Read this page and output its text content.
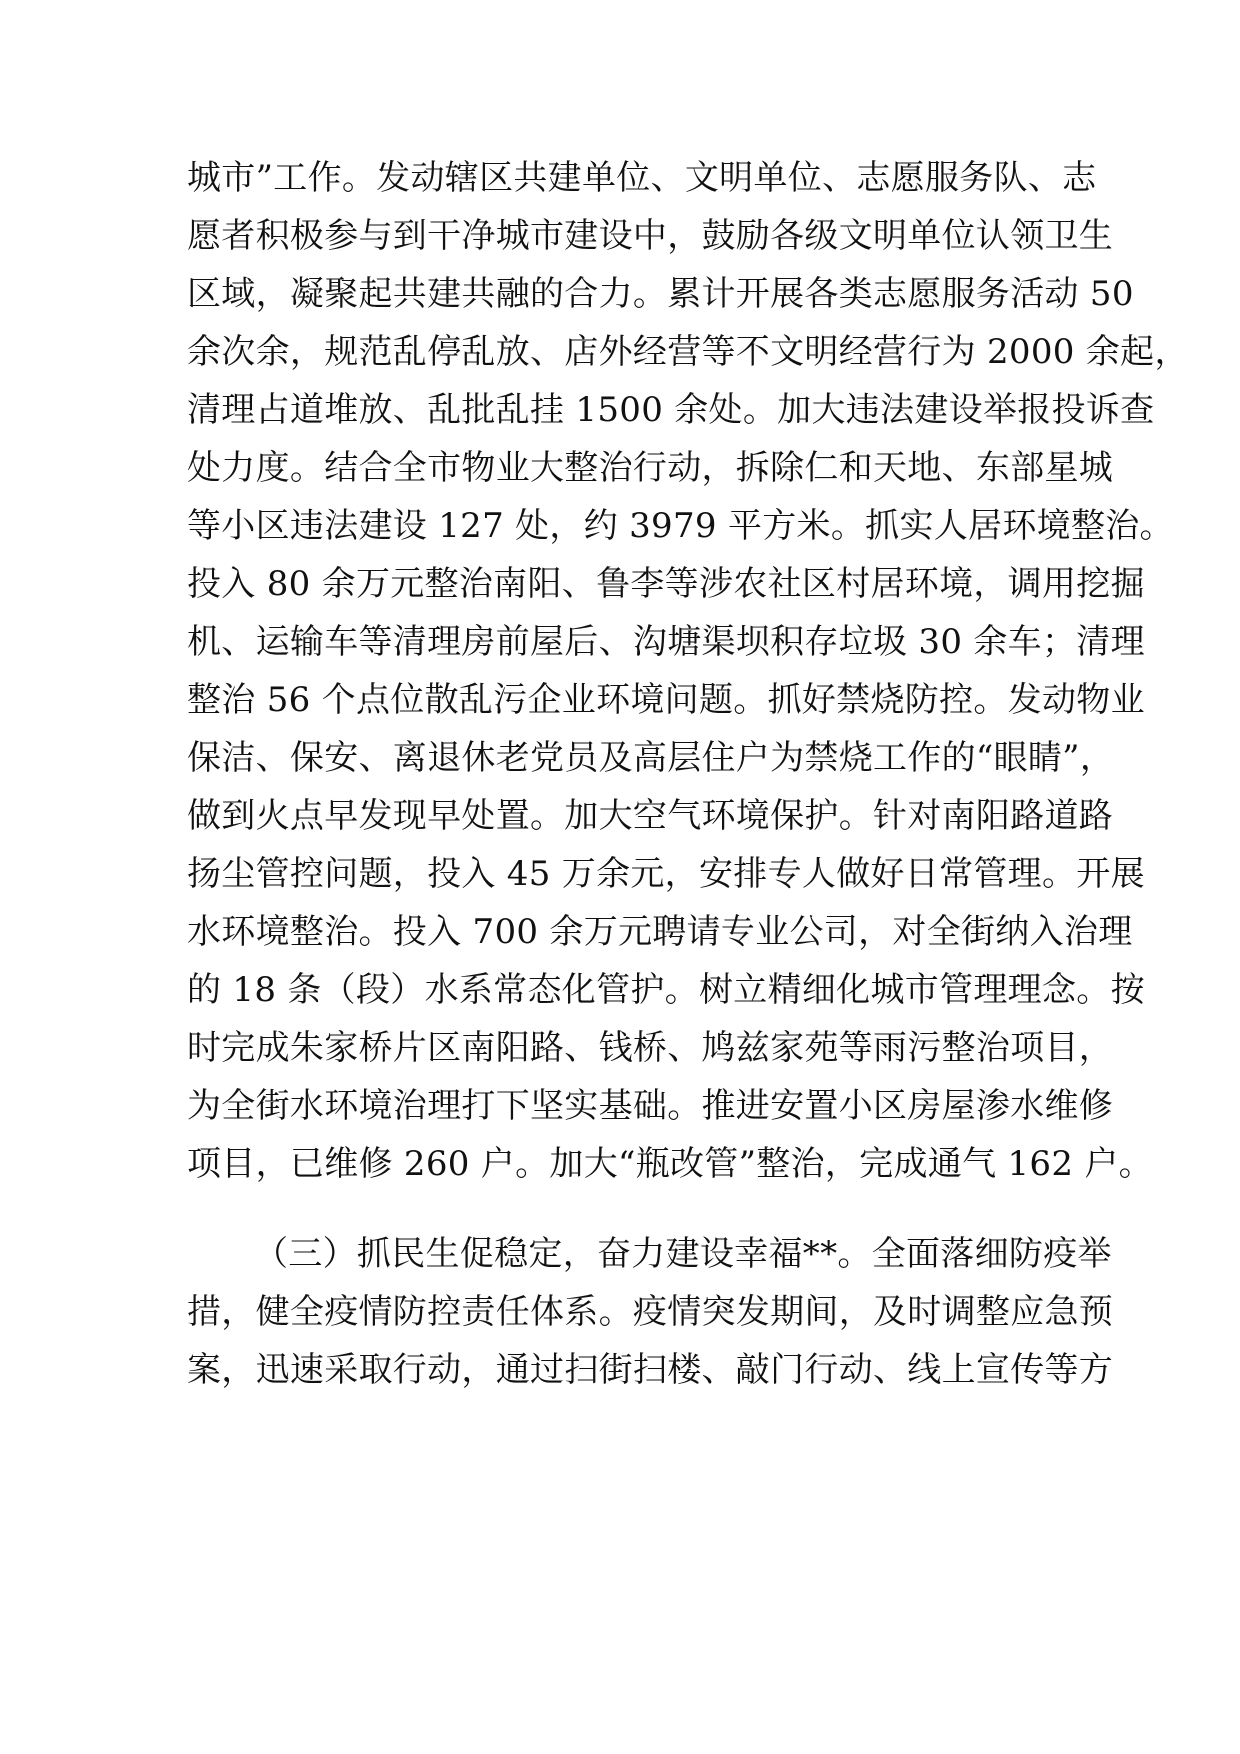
城市”工作。发动辖区共建单位、文明单位、志愿服务队、志

愿者积极参与到干净城市建设中，鼓励各级文明单位认领卫生

区域，凝聚起共建共融的合力。累计开展各类志愿服务活动 50

余次余，规范乱停乱放、店外经营等不文明经营行为 2000 余起，

清理占道堆放、乱批乱挂 1500 余处。加大违法建设举报投诉查

处力度。结合全市物业大整治行动，拆除仁和天地、东部星城

等小区违法建设 127 处，约 3979 平方米。抓实人居环境整治。

投入 80 余万元整治南阳、鲁李等涉农社区村居环境，调用挖掘

机、运输车等清理房前屋后、沟塘渠坝积存垃圾 30 余车；清理

整治 56 个点位散乱污企业环境问题。抓好禁烧防控。发动物业

保洁、保安、离退休老党员及高层住户为禁烧工作的“眼睛”，

做到火点早发现早处置。加大空气环境保护。针对南阳路道路

扬尘管控问题，投入 45 万余元，安排专人做好日常管理。开展

水环境整治。投入 700 余万元聘请专业公司，对全街纳入治理

的 18 条（段）水系常态化管护。树立精细化城市管理理念。按

时完成朱家桥片区南阳路、钱桥、鸠兹家苑等雨污整治项目，

为全街水环境治理打下坚实基础。推进安置小区房屋渗水维修

项目，已维修 260 户。加大“瓶改管”整治，完成通气 162 户。

（三）抓民生促稳定，奋力建设幸福**。全面落细防疫举

措，健全疫情防控责任体系。疫情突发期间，及时调整应急预

案，迅速采取行动，通过扫街扫楼、敲门行动、线上宣传等方
